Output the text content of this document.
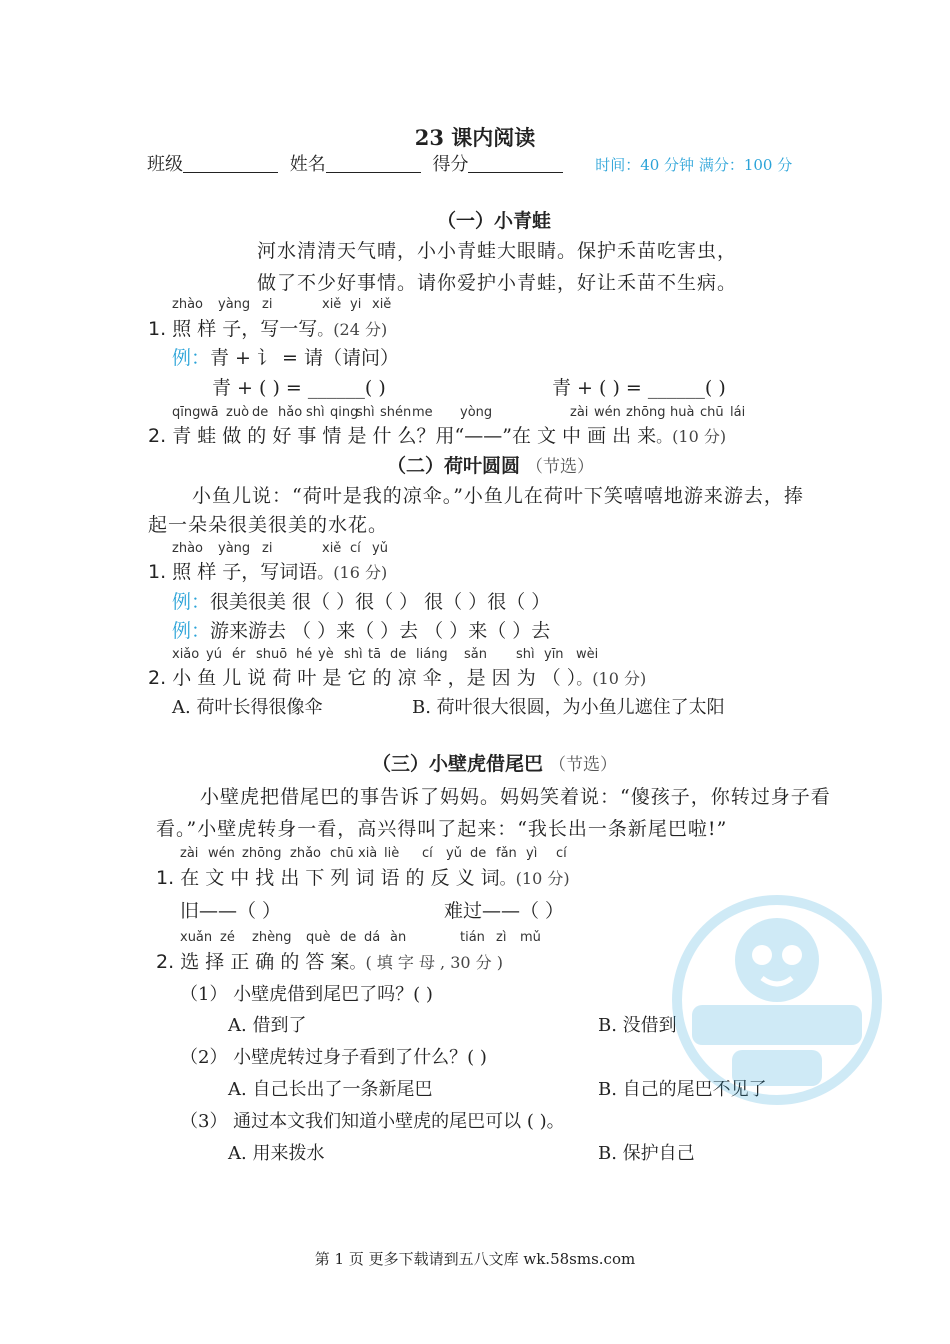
23 课内阅读
班级	姓名	得分	时间：40 分钟 满分：100 分
（一）小青蛙
河水清清天气晴，小小青蛙大眼睛。保护禾苗吃害虫，
做了不少好事情。请你爱护小青蛙，好让禾苗不生病。
zhào yàng zi	xiě yi xiě
1. 照 样 子，写一写。(24 分)
例：青 + 讠 = 请（请问）
青 + ( ) = ______( )	青 + ( ) = ______( )
qīngwā zuò de hǎo shì qingshì shénme yòng	zài wén zhōng huà chū lái
2. 青 蛙 做 的 好 事 情 是 什 么？用“——”在 文 中 画 出 来。(10 分)
（二）荷叶圆圆 （节选）
小鱼儿说：“荷叶是我的凉伞。”小鱼儿在荷叶下笑嘻嘻地游来游去，捧
起一朵朵很美很美的水花。
zhào yàng zi	xiě cí yǔ
1. 照 样 子，写词语。(16 分)
例：很美很美 很（ ）很（ ） 很（ ）很（ ）
例：游来游去 （ ）来（ ）去 （ ）来（ ）去
xiǎo yú ér shuō hé yè shì tā de liáng sǎn shì yīn wèi
2. 小 鱼 儿 说 荷 叶 是 它 的 凉 伞 ，是 因 为 （ ）。(10 分)
A. 荷叶长得很像伞	B. 荷叶很大很圆，为小鱼儿遮住了太阳
（三）小壁虎借尾巴 （节选）
小壁虎把借尾巴的事告诉了妈妈。妈妈笑着说：“傻孩子，你转过身子看
看。”小壁虎转身一看，高兴得叫了起来：“我长出一条新尾巴啦!”
zài wén zhōng zhǎo chū xià liè cí yǔ de fǎn yì cí
1. 在 文 中 找 出 下 列 词 语 的 反 义 词。(10 分)
旧——（ ）	难过——（ ）
xuǎn zé zhèng què de dá àn	tián zì mǔ
2. 选 择 正 确 的 答 案。( 填 字 母 , 30 分 )
（1） 小壁虎借到尾巴了吗？( )
A. 借到了	B. 没借到
（2） 小壁虎转过身子看到了什么？( )
A. 自己长出了一条新尾巴	B. 自己的尾巴不见了
（3） 通过本文我们知道小壁虎的尾巴可以 ( )。
A. 用来拨水	B. 保护自己
第 1 页 更多下载请到五八文库 wk.58sms.com
